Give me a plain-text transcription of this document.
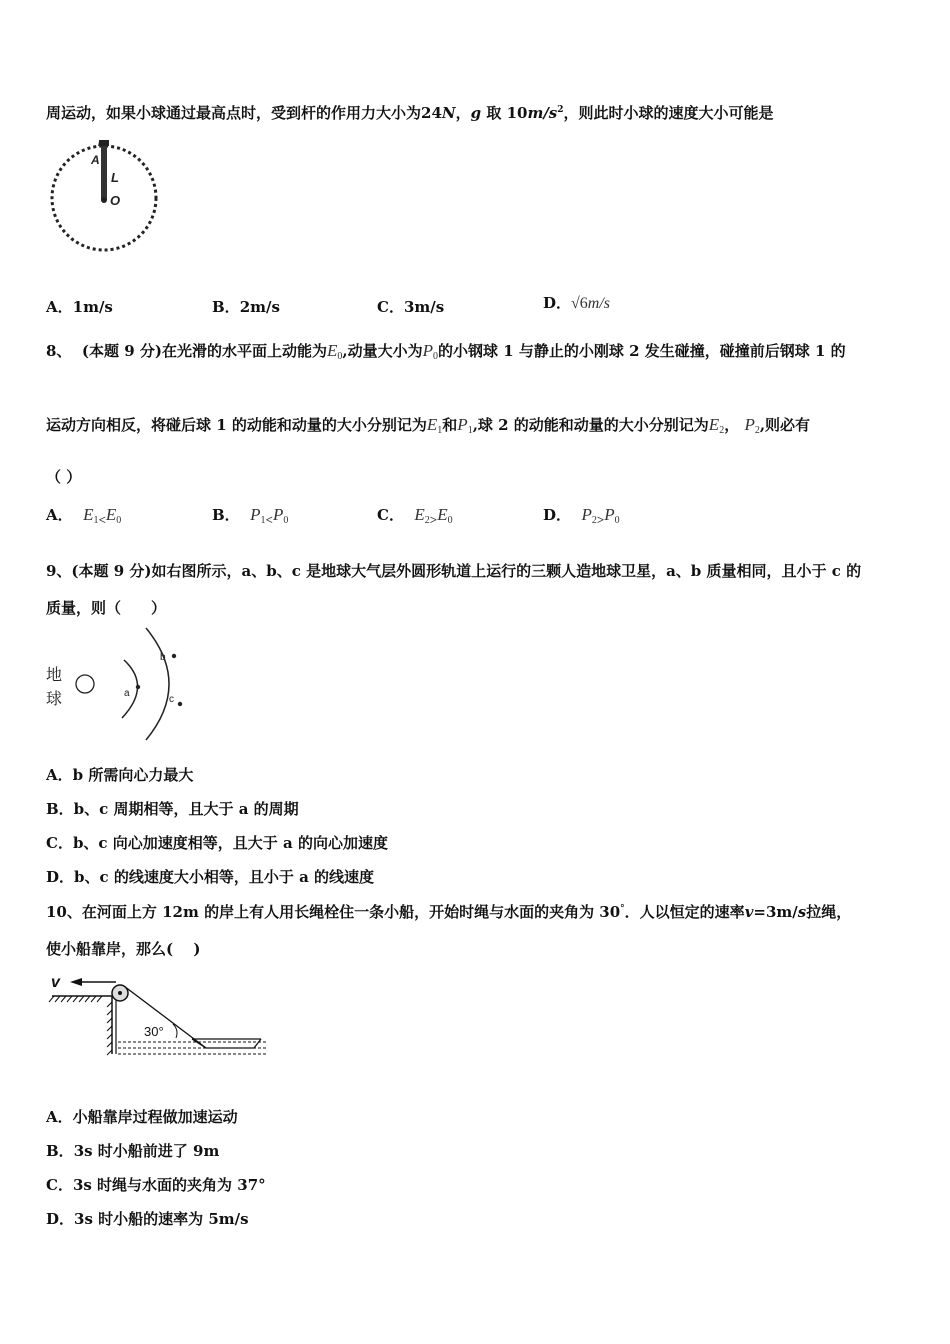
周运动，如果小球通过最高点时，受到杆的作用力大小为24N，g 取 $10m/s^2$，则此时小球的速度大小可能是
m
A
L
O
A．1m/s	B．2m/s	C．3m/s	D．√6m/s
8、 (本题 9 分)在光滑的水平面上动能为$E_0$,动量大小为$P_0$的小钢球 1 与静止的小刚球 2 发生碰撞，碰撞前后钢球 1 的
运动方向相反，将碰后球 1 的动能和动量的大小分别记为$E_1$和$P_1$,球 2 的动能和动量的大小分别记为$E_2$， $P_2$,则必有
（ ）
A． $E_{1<}E_0$	B． $P_{1<}P_0$	C． $E_{2>}E_0$	D． $P_{2>}P_0$
9、(本题 9 分)如右图所示，a、b、c 是地球大气层外圆形轨道上运行的三颗人造地球卫星，a、b 质量相同，且小于 c 的
质量，则（　　）
地
球	a
b
c
A．b 所需向心力最大
B．b、c 周期相等，且大于 a 的周期
C．b、c 向心加速度相等，且大于 a 的向心加速度
D．b、c 的线速度大小相等，且小于 a 的线速度
10、在河面上方 12m 的岸上有人用长绳栓住一条小船，开始时绳与水面的夹角为 30°．人以恒定的速率v=3m/s拉绳，
使小船靠岸，那么(　 )
v
30°
A．小船靠岸过程做加速运动
B．3s 时小船前进了 9m
C．3s 时绳与水面的夹角为 37°
D．3s 时小船的速率为 5m/s
